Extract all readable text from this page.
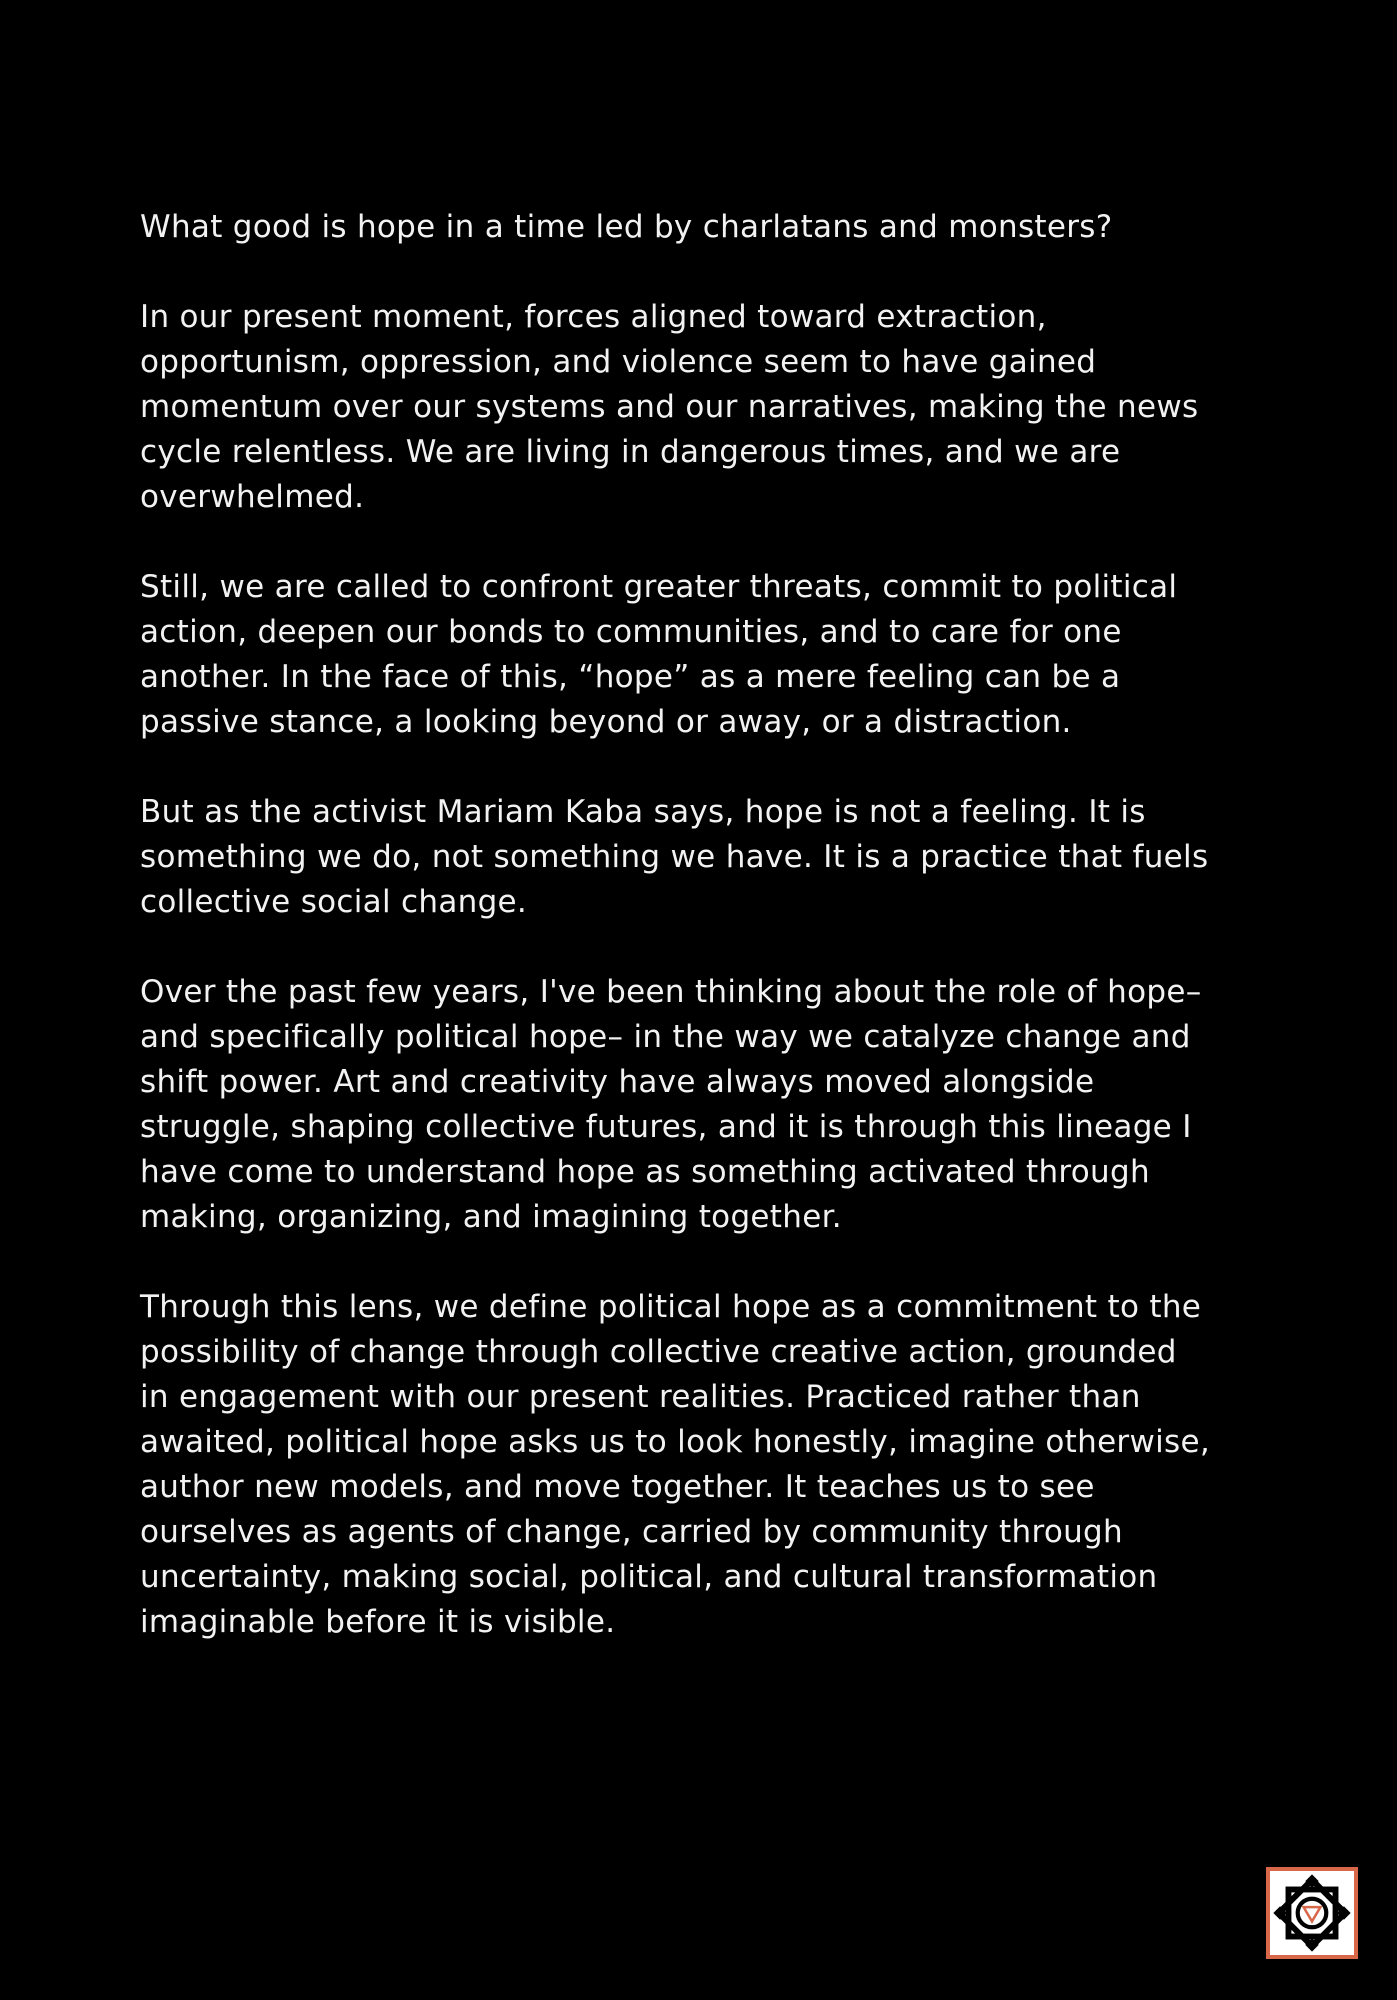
What good is hope in a time led by charlatans and monsters?

In our present moment, forces aligned toward extraction,
opportunism, oppression, and violence seem to have gained
momentum over our systems and our narratives, making the news
cycle relentless. We are living in dangerous times, and we are
overwhelmed.

Still, we are called to confront greater threats, commit to political
action, deepen our bonds to communities, and to care for one
another. In the face of this, “hope” as a mere feeling can be a
passive stance, a looking beyond or away, or a distraction.

But as the activist Mariam Kaba says, hope is not a feeling. It is
something we do, not something we have. It is a practice that fuels
collective social change.

Over the past few years, I've been thinking about the role of hope–
and specifically political hope– in the way we catalyze change and
shift power. Art and creativity have always moved alongside
struggle, shaping collective futures, and it is through this lineage I
have come to understand hope as something activated through
making, organizing, and imagining together.

Through this lens, we define political hope as a commitment to the
possibility of change through collective creative action, grounded
in engagement with our present realities. Practiced rather than
awaited, political hope asks us to look honestly, imagine otherwise,
author new models, and move together. It teaches us to see
ourselves as agents of change, carried by community through
uncertainty, making social, political, and cultural transformation
imaginable before it is visible.
